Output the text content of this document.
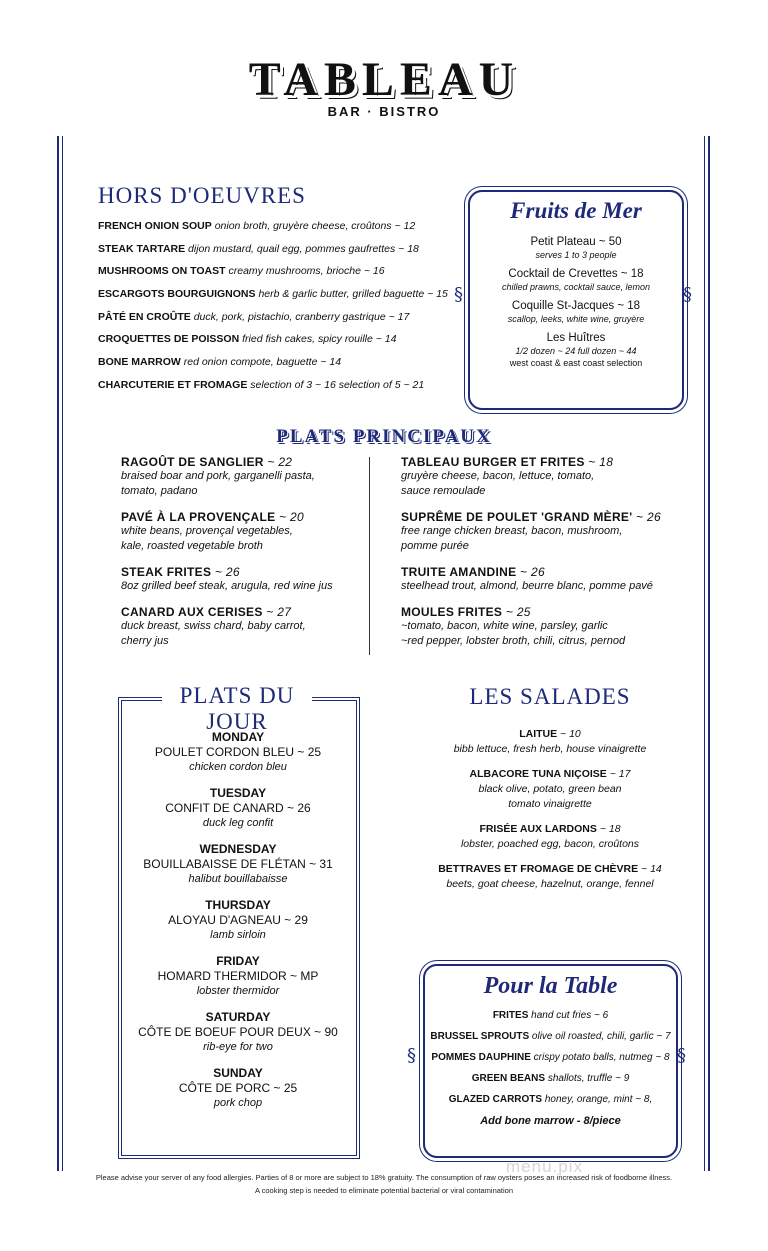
TABLEAU
BAR · BISTRO
HORS D'OEUVRES
FRENCH ONION SOUP onion broth, gruyère cheese, croûtons ~ 12
STEAK TARTARE dijon mustard, quail egg, pommes gaufrettes ~ 18
MUSHROOMS ON TOAST creamy mushrooms, brioche ~ 16
ESCARGOTS BOURGUIGNONS herb & garlic butter, grilled baguette ~ 15
PÂTÉ EN CROÛTE duck, pork, pistachio, cranberry gastrique ~ 17
CROQUETTES DE POISSON fried fish cakes, spicy rouille ~ 14
BONE MARROW red onion compote, baguette ~ 14
CHARCUTERIE ET FROMAGE selection of 3 ~ 16 selection of 5 ~ 21
Fruits de Mer
Petit Plateau ~ 50
serves 1 to 3 people
Cocktail de Crevettes ~ 18
chilled prawns, cocktail sauce, lemon
Coquille St-Jacques ~ 18
scallop, leeks, white wine, gruyère
Les Huîtres
1/2 dozen ~ 24 full dozen ~ 44
west coast & east coast selection
§	§
PLATS PRINCIPAUX
RAGOÛT DE SANGLIER ~ 22
braised boar and pork, garganelli pasta,
tomato, padano
PAVÉ À LA PROVENÇALE ~ 20
white beans, provençal vegetables,
kale, roasted vegetable broth
STEAK FRITES ~ 26
8oz grilled beef steak, arugula, red wine jus
CANARD AUX CERISES ~ 27
duck breast, swiss chard, baby carrot,
cherry jus
TABLEAU BURGER ET FRITES ~ 18
gruyère cheese, bacon, lettuce, tomato,
sauce remoulade
SUPRÊME DE POULET 'GRAND MÈRE' ~ 26
free range chicken breast, bacon, mushroom,
pomme purée
TRUITE AMANDINE ~ 26
steelhead trout, almond, beurre blanc, pomme pavé
MOULES FRITES ~ 25
~tomato, bacon, white wine, parsley, garlic
~red pepper, lobster broth, chili, citrus, pernod
PLATS DU JOUR
MONDAY
POULET CORDON BLEU ~ 25
chicken cordon bleu
TUESDAY
CONFIT DE CANARD ~ 26
duck leg confit
WEDNESDAY
BOUILLABAISSE DE FLÉTAN ~ 31
halibut bouillabaisse
THURSDAY
ALOYAU D'AGNEAU ~ 29
lamb sirloin
FRIDAY
HOMARD THERMIDOR ~ MP
lobster thermidor
SATURDAY
CÔTE DE BOEUF POUR DEUX ~ 90
rib-eye for two
SUNDAY
CÔTE DE PORC ~ 25
pork chop
LES SALADES
LAITUE ~ 10
bibb lettuce, fresh herb, house vinaigrette
ALBACORE TUNA NIÇOISE ~ 17
black olive, potato, green bean
tomato vinaigrette
FRISÉE AUX LARDONS ~ 18
lobster, poached egg, bacon, croûtons
BETTRAVES ET FROMAGE DE CHÈVRE ~ 14
beets, goat cheese, hazelnut, orange, fennel
Pour la Table
FRITES hand cut fries ~ 6
BRUSSEL SPROUTS olive oil roasted, chili, garlic ~ 7
POMMES DAUPHINE crispy potato balls, nutmeg ~ 8
GREEN BEANS shallots, truffle ~ 9
GLAZED CARROTS honey, orange, mint ~ 8,
Add bone marrow - 8/piece
§	§
menu.pix
Please advise your server of any food allergies. Parties of 8 or more are subject to 18% gratuity. The consumption of raw oysters poses an increased risk of foodborne illness.
A cooking step is needed to eliminate potential bacterial or viral contamination
